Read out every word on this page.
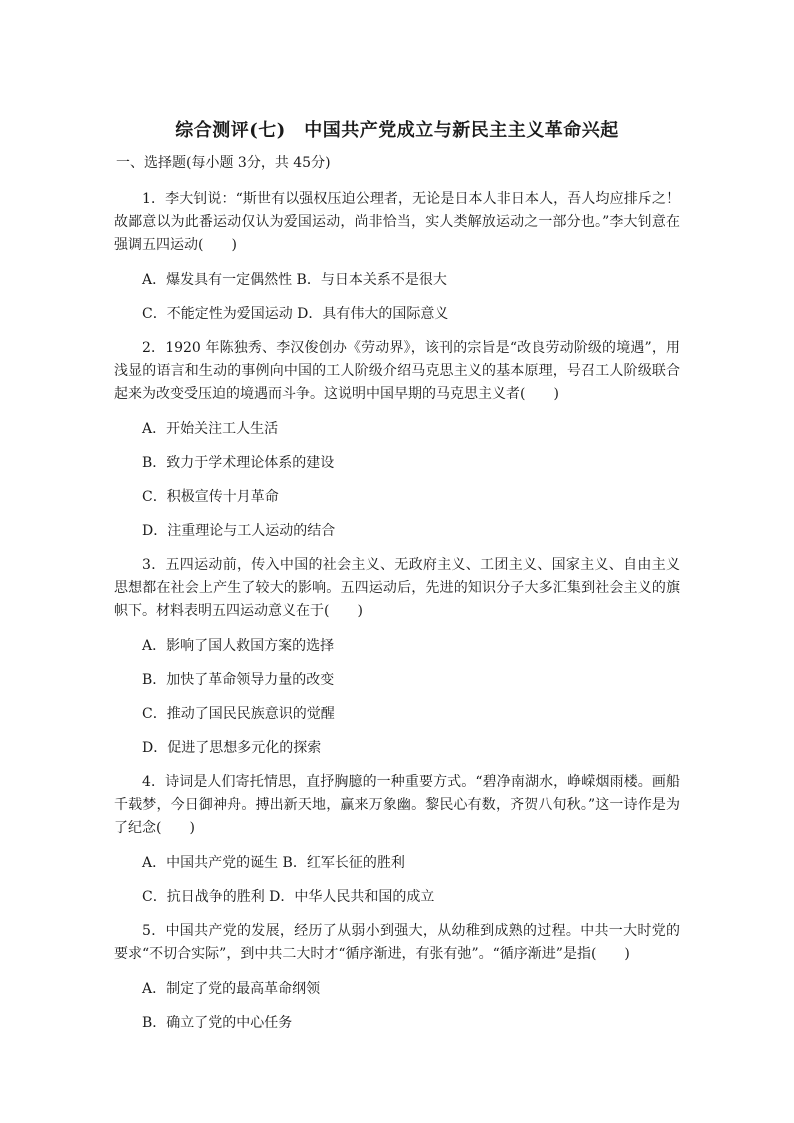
综合测评(七)　中国共产党成立与新民主主义革命兴起

一、选择题(每小题 3分，共 45分)

1．李大钊说：“斯世有以强权压迫公理者，无论是日本人非日本人，吾人均应排斥之！故鄙意以为此番运动仅认为爱国运动，尚非恰当，实人类解放运动之一部分也。”李大钊意在强调五四运动(　　)

A．爆发具有一定偶然性 B．与日本关系不是很大

C．不能定性为爱国运动 D．具有伟大的国际意义

2．1920 年陈独秀、李汉俊创办《劳动界》，该刊的宗旨是“改良劳动阶级的境遇”，用浅显的语言和生动的事例向中国的工人阶级介绍马克思主义的基本原理，号召工人阶级联合起来为改变受压迫的境遇而斗争。这说明中国早期的马克思主义者(　　)

A．开始关注工人生活

B．致力于学术理论体系的建设

C．积极宣传十月革命

D．注重理论与工人运动的结合

3．五四运动前，传入中国的社会主义、无政府主义、工团主义、国家主义、自由主义思想都在社会上产生了较大的影响。五四运动后，先进的知识分子大多汇集到社会主义的旗帜下。材料表明五四运动意义在于(　　)

A．影响了国人救国方案的选择

B．加快了革命领导力量的改变

C．推动了国民民族意识的觉醒

D．促进了思想多元化的探索

4．诗词是人们寄托情思，直抒胸臆的一种重要方式。“碧净南湖水，峥嵘烟雨楼。画船千载梦，今日御神舟。搏出新天地，赢来万象幽。黎民心有数，齐贺八旬秋。”这一诗作是为了纪念(　　)

A．中国共产党的诞生 B．红军长征的胜利

C．抗日战争的胜利 D．中华人民共和国的成立

5．中国共产党的发展，经历了从弱小到强大，从幼稚到成熟的过程。中共一大时党的要求“不切合实际”，到中共二大时才“循序渐进，有张有弛”。“循序渐进”是指(　　)

A．制定了党的最高革命纲领

B．确立了党的中心任务
